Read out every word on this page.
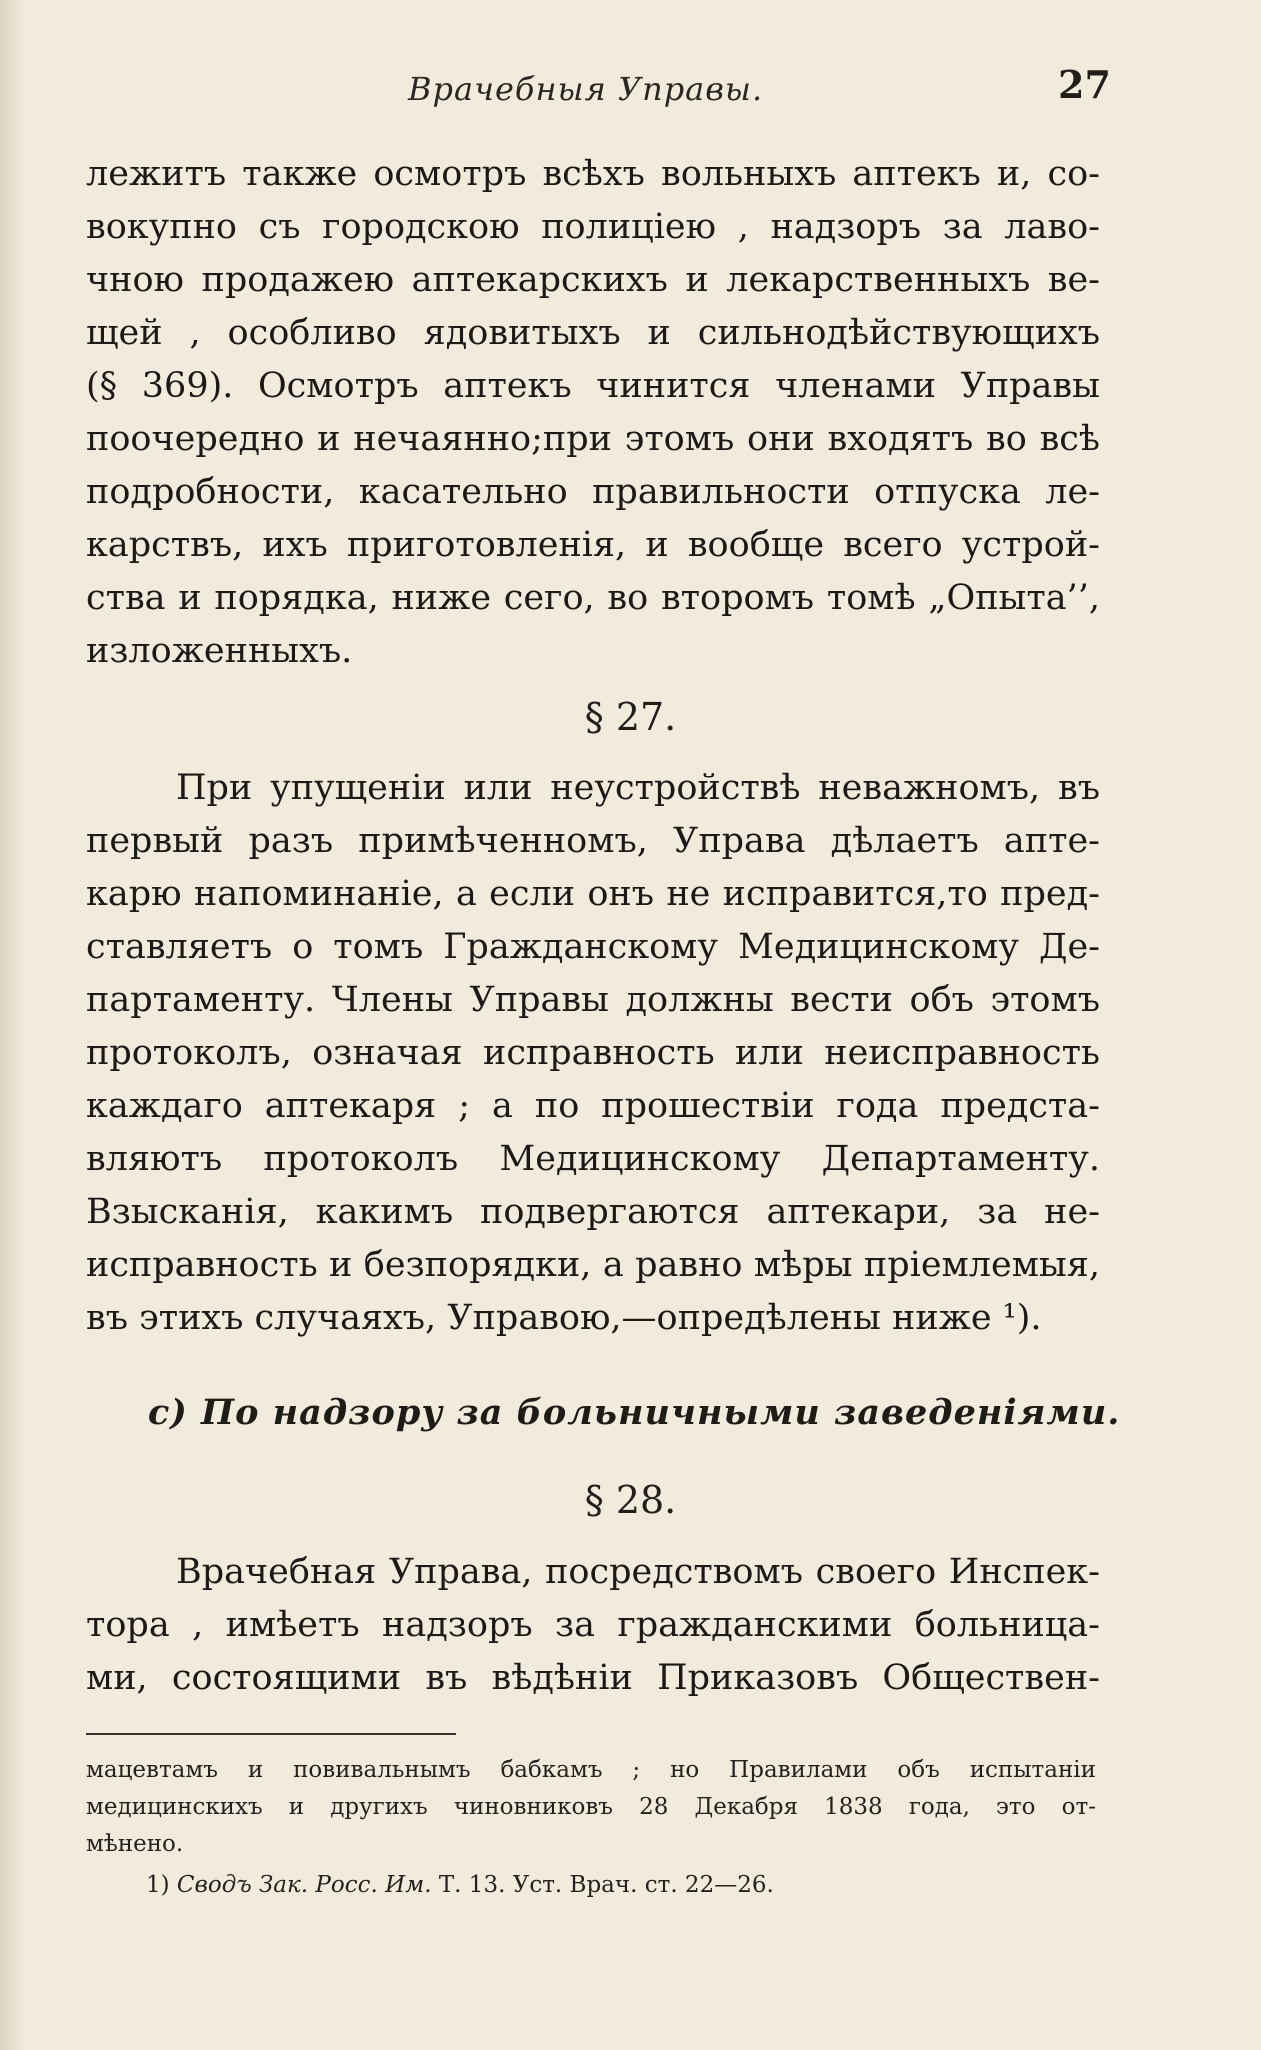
Врачебныя Управы.	27
лежитъ также осмотръ всѣхъ вольныхъ аптекъ и, со-
вокупно съ городскою полицiею , надзоръ за лаво-
чною продажею аптекарскихъ и лекарственныхъ ве-
щей , особливо ядовитыхъ и сильнодѣйствующихъ
(§ 369). Осмотръ аптекъ чинится членами Управы
поочередно и нечаянно;при этомъ они входятъ во всѣ
подробности, касательно правильности отпуска ле-
карствъ, ихъ приготовленiя, и вообще всего устрой-
ства и порядка, ниже сего, во второмъ томѣ „Опыта’’,
изложенныхъ.
§ 27.
При упущенiи или неустройствѣ неважномъ, въ
первый разъ примѣченномъ, Управа дѣлаетъ апте-
карю напоминанiе, а если онъ не исправится,то пред-
ставляетъ о томъ Гражданскому Медицинскому Де-
партаменту. Члены Управы должны вести объ этомъ
протоколъ, означая исправность или неисправность
каждаго аптекаря ; а по прошествiи года предста-
вляютъ протоколъ Медицинскому Департаменту.
Взысканiя, какимъ подвергаются аптекари, за не-
исправность и безпорядки, а равно мѣры прiемлемыя,
въ этихъ случаяхъ, Управою,—опредѣлены ниже ¹).
c) По надзору за больничными заведенiями.
§ 28.
Врачебная Управа, посредствомъ своего Инспек-
тора , имѣетъ надзоръ за гражданскими больница-
ми, состоящими въ вѣдѣнiи Приказовъ Обществен-
мацевтамъ и повивальнымъ бабкамъ ; но Правилами объ испытанiи
медицинскихъ и другихъ чиновниковъ 28 Декабря 1838 года, это от-
мѣнено.
1) Сводъ Зак. Росс. Им. Т. 13. Уст. Врач. ст. 22—26.
